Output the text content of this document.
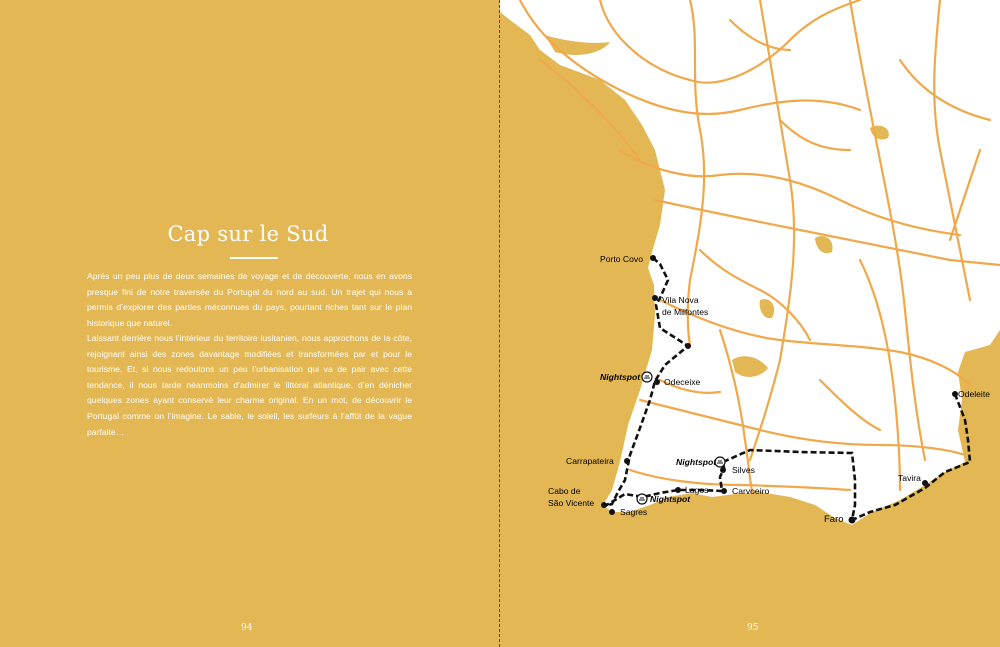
Cap sur le Sud

Après un peu plus de deux semaines de voyage et de découverte, nous en avons presque fini de notre traversée du Portugal du nord au sud. Un trajet qui nous a permis d’explorer des parties méconnues du pays, pourtant riches tant sur le plan historique que naturel.

Laissant derrière nous l’intérieur du territoire lusitanien, nous approchons de la côte, rejoignant ainsi des zones davantage modifiées et transformées par et pour le tourisme. Et, si nous redoutons un peu l’urbanisation qui va de pair avec cette tendance, il nous tarde néanmoins d’admirer le littoral atlantique, d’en dénicher quelques zones ayant conservé leur charme original. En un mot, de découvrir le Portugal comme on l’imagine. Le sable, le soleil, les surfeurs à l’affût de la vague parfaite…

94
Porto Covo
Vila Nova
de Milfontes
Odeceixe
Carrapateira
Cabo de
São Vicente
Sagres
Lagos
Silves
Carvoeiro
Faro
Tavira
Odeleite
Nightspot
Nightspot
Nightspot
95
